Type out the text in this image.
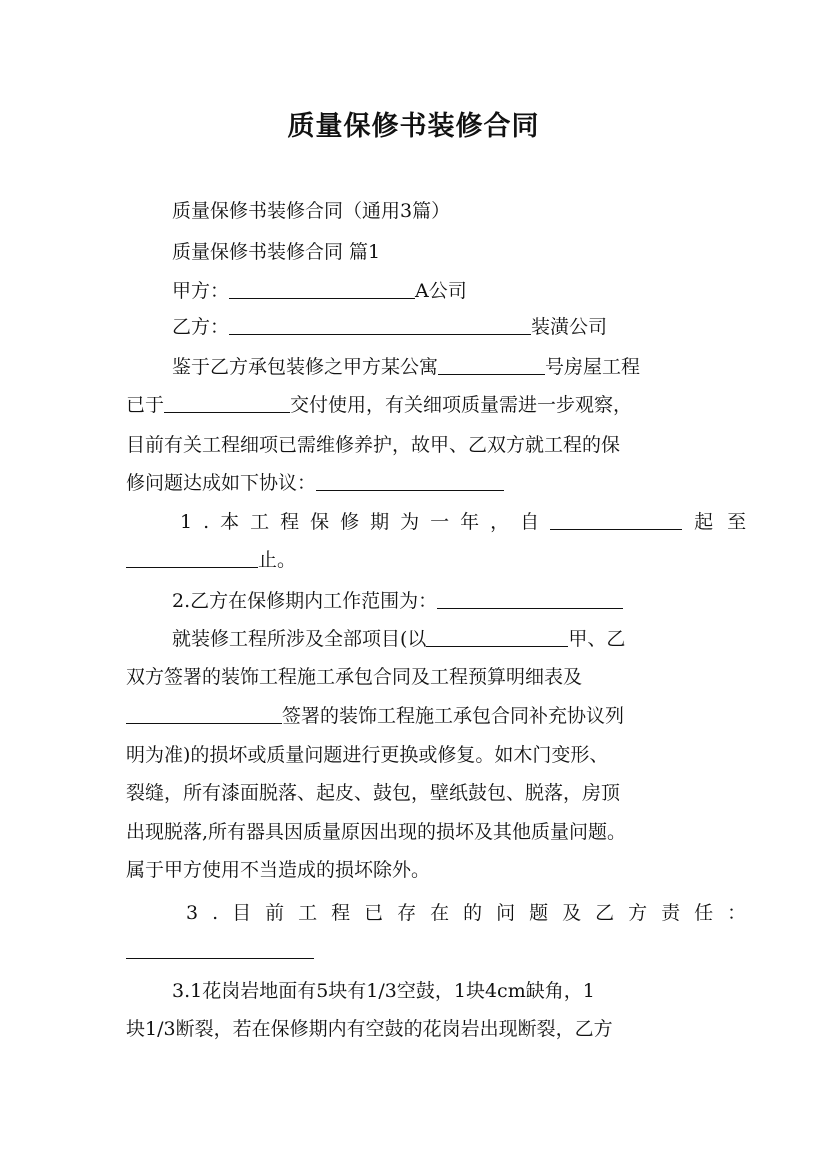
质量保修书装修合同
质量保修书装修合同（通用3篇）
质量保修书装修合同 篇1
甲方：	A公司
乙方：	装潢公司
鉴于乙方承包装修之甲方某公寓	号房屋工程
已于	交付使用，有关细项质量需进一步观察，
目前有关工程细项已需维修养护，故甲、乙双方就工程的保
修问题达成如下协议：
1.本工程保修期为一年，自	起至
止。
2.乙方在保修期内工作范围为：
就装修工程所涉及全部项目(以	甲、乙
双方签署的装饰工程施工承包合同及工程预算明细表及
签署的装饰工程施工承包合同补充协议列
明为准)的损坏或质量问题进行更换或修复。如木门变形、
裂缝，所有漆面脱落、起皮、鼓包，壁纸鼓包、脱落，房顶
出现脱落,所有器具因质量原因出现的损坏及其他质量问题。
属于甲方使用不当造成的损坏除外。
3.目前工程已存在的问题及乙方责任：
3.1花岗岩地面有5块有1/3空鼓，1块4cm缺角，1
块1/3断裂，若在保修期内有空鼓的花岗岩出现断裂，乙方
